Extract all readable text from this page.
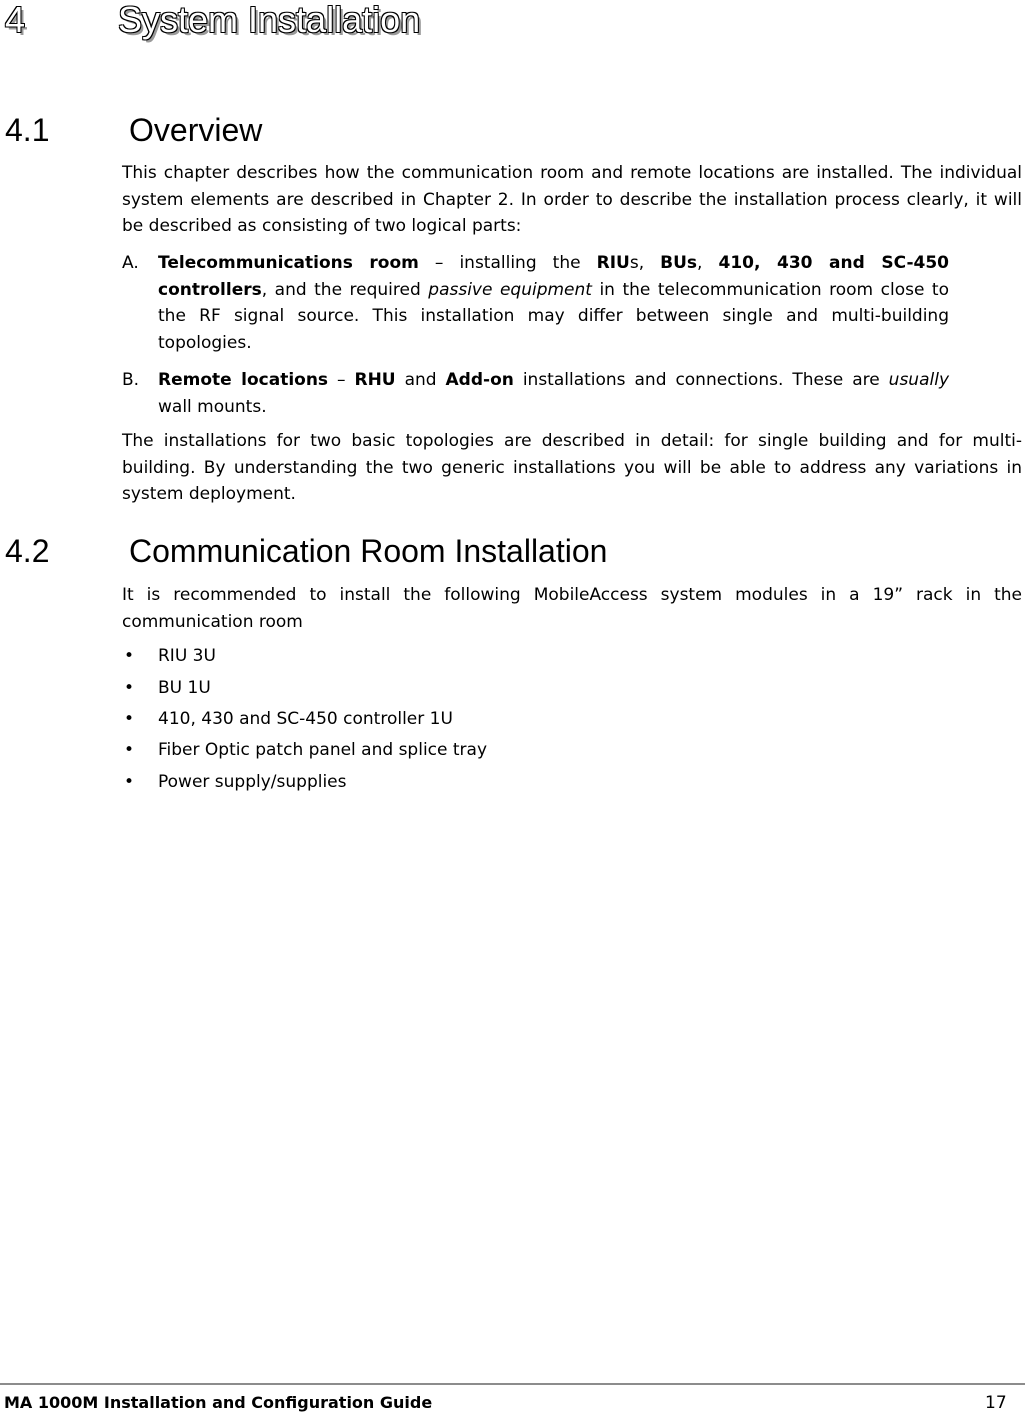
4	System Installation
4.1 Overview

This chapter describes how the communication room and remote locations are installed. The individual system elements are described in Chapter 2. In order to describe the installation process clearly, it will be described as consisting of two logical parts:

A.	Telecommunications room – installing the RIUs, BUs, 410, 430 and SC-450 controllers, and the required passive equipment in the telecommunication room close to the RF signal source. This installation may differ between single and multi-building topologies.
B.	Remote locations – RHU and Add-on installations and connections. These are usually wall mounts.

The installations for two basic topologies are described in detail: for single building and for multi-building. By understanding the two generic installations you will be able to address any variations in system deployment.

4.2 Communication Room Installation

It is recommended to install the following MobileAccess system modules in a 19” rack in the communication room

• RIU 3U
• BU 1U
• 410, 430 and SC-450 controller 1U
• Fiber Optic patch panel and splice tray
• Power supply/supplies
MA 1000M Installation and Configuration Guide	17
